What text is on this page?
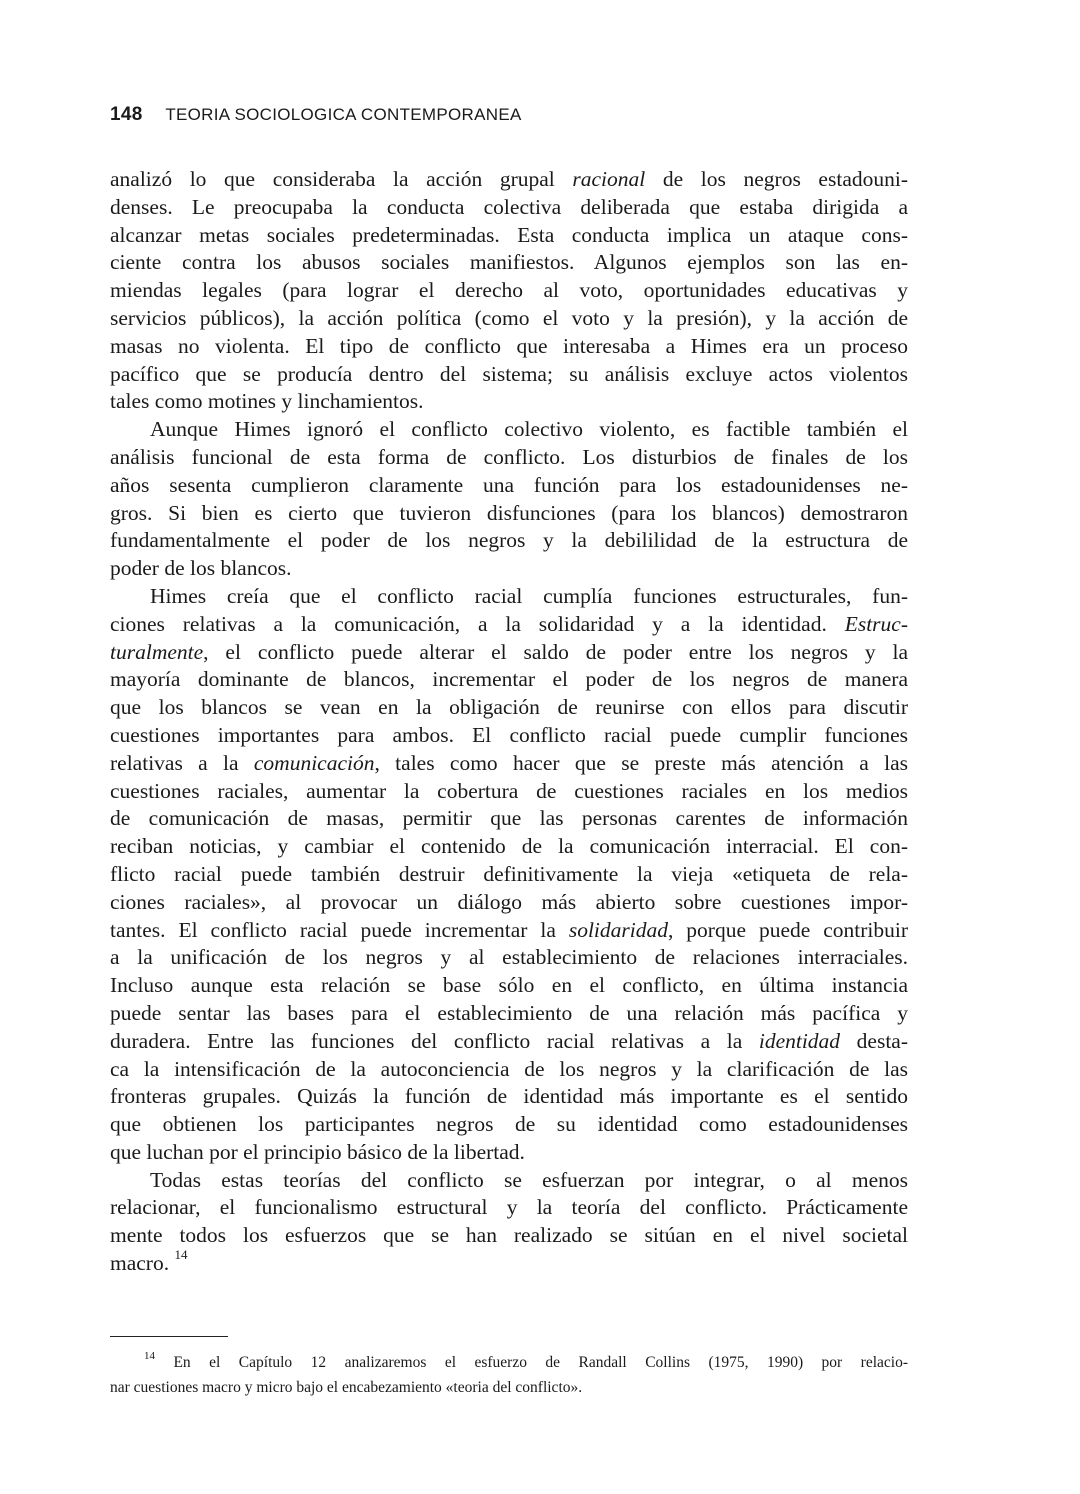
148 TEORIA SOCIOLOGICA CONTEMPORANEA
analizó lo que consideraba la acción grupal racional de los negros estadouni-
denses. Le preocupaba la conducta colectiva deliberada que estaba dirigida a
alcanzar metas sociales predeterminadas. Esta conducta implica un ataque cons-
ciente contra los abusos sociales manifiestos. Algunos ejemplos son las en-
miendas legales (para lograr el derecho al voto, oportunidades educativas y
servicios públicos), la acción política (como el voto y la presión), y la acción de
masas no violenta. El tipo de conflicto que interesaba a Himes era un proceso
pacífico que se producía dentro del sistema; su análisis excluye actos violentos
tales como motines y linchamientos.
Aunque Himes ignoró el conflicto colectivo violento, es factible también el
análisis funcional de esta forma de conflicto. Los disturbios de finales de los
años sesenta cumplieron claramente una función para los estadounidenses ne-
gros. Si bien es cierto que tuvieron disfunciones (para los blancos) demostraron
fundamentalmente el poder de los negros y la debililidad de la estructura de
poder de los blancos.
Himes creía que el conflicto racial cumplía funciones estructurales, fun-
ciones relativas a la comunicación, a la solidaridad y a la identidad. Estruc-
turalmente, el conflicto puede alterar el saldo de poder entre los negros y la
mayoría dominante de blancos, incrementar el poder de los negros de manera
que los blancos se vean en la obligación de reunirse con ellos para discutir
cuestiones importantes para ambos. El conflicto racial puede cumplir funciones
relativas a la comunicación, tales como hacer que se preste más atención a las
cuestiones raciales, aumentar la cobertura de cuestiones raciales en los medios
de comunicación de masas, permitir que las personas carentes de información
reciban noticias, y cambiar el contenido de la comunicación interracial. El con-
flicto racial puede también destruir definitivamente la vieja «etiqueta de rela-
ciones raciales», al provocar un diálogo más abierto sobre cuestiones impor-
tantes. El conflicto racial puede incrementar la solidaridad, porque puede contribuir
a la unificación de los negros y al establecimiento de relaciones interraciales.
Incluso aunque esta relación se base sólo en el conflicto, en última instancia
puede sentar las bases para el establecimiento de una relación más pacífica y
duradera. Entre las funciones del conflicto racial relativas a la identidad desta-
ca la intensificación de la autoconciencia de los negros y la clarificación de las
fronteras grupales. Quizás la función de identidad más importante es el sentido
que obtienen los participantes negros de su identidad como estadounidenses
que luchan por el principio básico de la libertad.
Todas estas teorías del conflicto se esfuerzan por integrar, o al menos
relacionar, el funcionalismo estructural y la teoría del conflicto. Prácticamente
mente todos los esfuerzos que se han realizado se sitúan en el nivel societal
macro. $^{14}$
$^{14}$ En el Capítulo 12 analizaremos el esfuerzo de Randall Collins (1975, 1990) por relacio-
nar cuestiones macro y micro bajo el encabezamiento «teoria del conflicto».
